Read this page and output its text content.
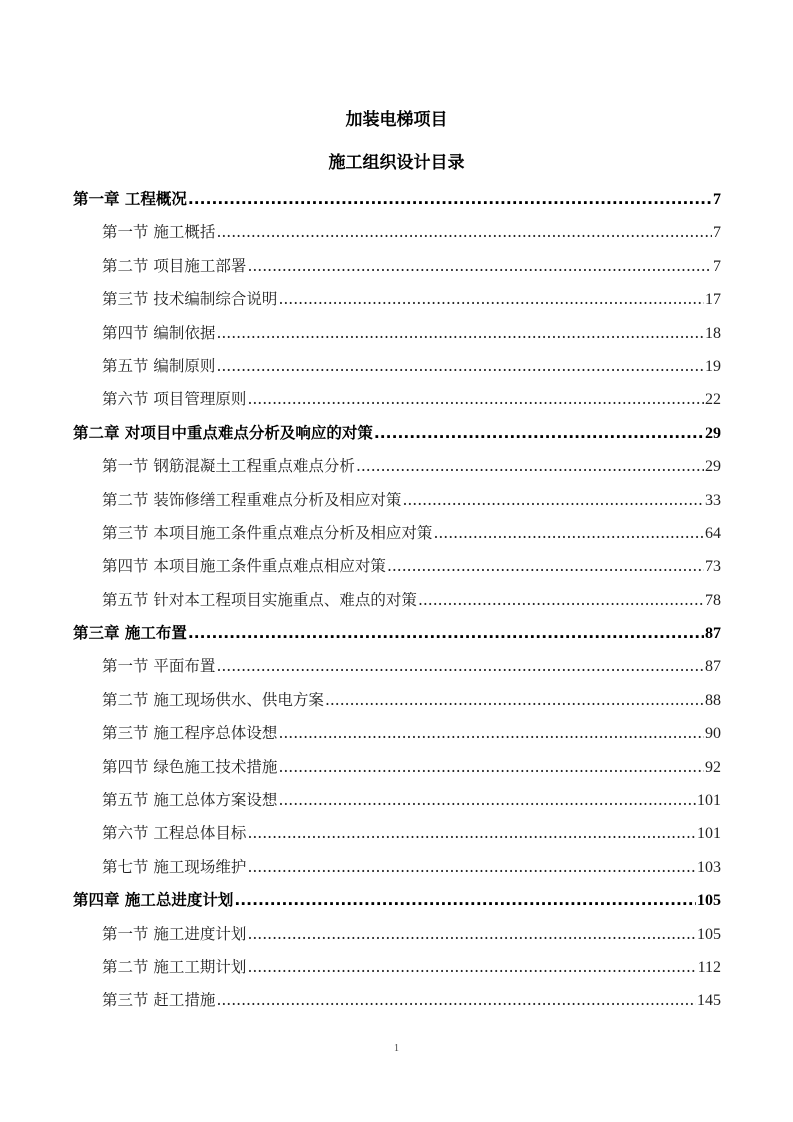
加装电梯项目
施工组织设计目录
第一章 工程概况 .....	7
第一节 施工概括 .....	7
第二节 项目施工部署 .....	7
第三节 技术编制综合说明 .....	17
第四节 编制依据 .....	18
第五节 编制原则 .....	19
第六节 项目管理原则 .....	22
第二章 对项目中重点难点分析及响应的对策 .....	29
第一节 钢筋混凝土工程重点难点分析 .....	29
第二节 装饰修缮工程重难点分析及相应对策 .....	33
第三节 本项目施工条件重点难点分析及相应对策 .....	64
第四节 本项目施工条件重点难点相应对策 .....	73
第五节 针对本工程项目实施重点、难点的对策 .....	78
第三章 施工布置 .....	87
第一节 平面布置 .....	87
第二节 施工现场供水、供电方案 .....	88
第三节 施工程序总体设想 .....	90
第四节 绿色施工技术措施 .....	92
第五节 施工总体方案设想 .....	101
第六节 工程总体目标 .....	101
第七节 施工现场维护 .....	103
第四章 施工总进度计划 .....	105
第一节 施工进度计划 .....	105
第二节 施工工期计划 .....	112
第三节 赶工措施 .....	145
1
